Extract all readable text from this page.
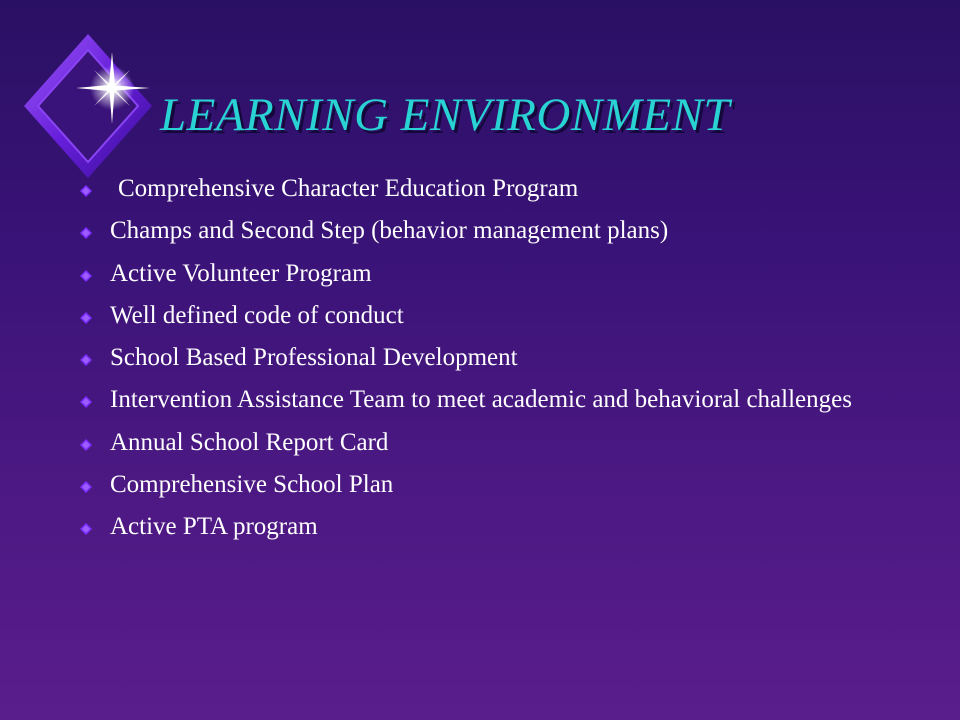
LEARNING ENVIRONMENT
Comprehensive Character Education Program
Champs and Second Step (behavior management plans)
Active Volunteer Program
Well defined code of conduct
School Based Professional Development
Intervention Assistance Team to meet academic and behavioral challenges
Annual School Report Card
Comprehensive School Plan
Active PTA program
